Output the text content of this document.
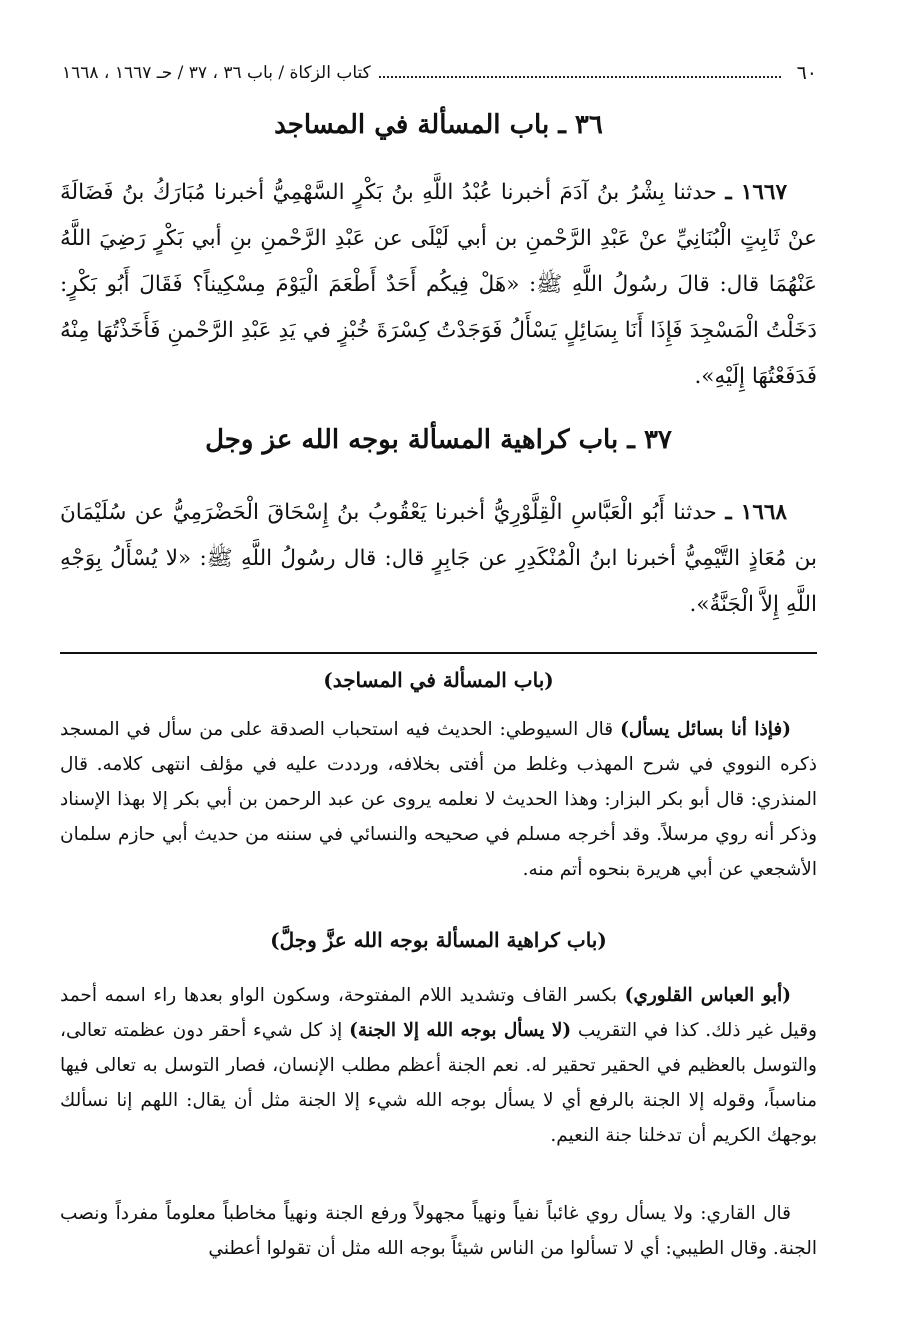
٦٠
كتاب الزكاة / باب ٣٦ ، ٣٧ / حـ ١٦٦٧ ، ١٦٦٨
٣٦ ـ باب المسألة في المساجد

١٦٦٧ ـ حدثنا بِشْرُ بنُ آدَمَ أخبرنا عُبْدُ اللَّهِ بنُ بَكْرٍ السَّهْمِيُّ أخبرنا مُبَارَكُ بنُ فَضَالَةَ عنْ ثَابِتٍ الْبُنَانِيِّ عنْ عَبْدِ الرَّحْمنِ بن أبي لَيْلَى عن عَبْدِ الرَّحْمنِ بنِ أبي بَكْرٍ رَضِيَ اللَّهُ عَنْهُمَا قال: قالَ رسُولُ اللَّهِ ﷺ: «هَلْ فِيكُم أَحَدٌ أَطْعَمَ الْيَوْمَ مِسْكِيناً؟ فَقَالَ أَبُو بَكْرٍ: دَخَلْتُ الْمَسْجِدَ فَإِذَا أَنَا بِسَائِلٍ يَسْأَلُ فَوَجَدْتُ كِسْرَةَ خُبْزٍ في يَدِ عَبْدِ الرَّحْمنِ فَأَخَذْتُهَا مِنْهُ فَدَفَعْتُهَا إِلَيْهِ».

٣٧ ـ باب كراهية المسألة بوجه الله عز وجل

١٦٦٨ ـ حدثنا أَبُو الْعَبَّاسِ الْقِلَّوْرِيُّ أخبرنا يَعْقُوبُ بنُ إِسْحَاقَ الْحَضْرَمِيُّ عن سُلَيْمَانَ بن مُعَاذٍ التَّيْمِيُّ أخبرنا ابنُ الْمُنْكَدِرِ عن جَابِرٍ قال: قال رسُولُ اللَّهِ ﷺ: «لا يُسْأَلُ بِوَجْهِ اللَّهِ إِلاَّ الْجَنَّةُ».

(باب المسألة في المساجد)

(فإذا أنا بسائل يسأل) قال السيوطي: الحديث فيه استحباب الصدقة على من سأل في المسجد ذكره النووي في شرح المهذب وغلط من أفتى بخلافه، ورددت عليه في مؤلف انتهى كلامه. قال المنذري: قال أبو بكر البزار: وهذا الحديث لا نعلمه يروى عن عبد الرحمن بن أبي بكر إلا بهذا الإسناد وذكر أنه روي مرسلاً. وقد أخرجه مسلم في صحيحه والنسائي في سننه من حديث أبي حازم سلمان الأشجعي عن أبي هريرة بنحوه أتم منه.

(باب كراهية المسألة بوجه الله عزَّ وجلَّ)

(أبو العباس القلوري) بكسر القاف وتشديد اللام المفتوحة، وسكون الواو بعدها راء اسمه أحمد وقيل غير ذلك. كذا في التقريب (لا يسأل بوجه الله إلا الجنة) إذ كل شيء أحقر دون عظمته تعالى، والتوسل بالعظيم في الحقير تحقير له. نعم الجنة أعظم مطلب الإنسان، فصار التوسل به تعالى فيها مناسباً، وقوله إلا الجنة بالرفع أي لا يسأل بوجه الله شيء إلا الجنة مثل أن يقال: اللهم إنا نسألك بوجهك الكريم أن تدخلنا جنة النعيم.

قال القاري: ولا يسأل روي غائباً نفياً ونهياً مجهولاً ورفع الجنة ونهياً مخاطباً معلوماً مفرداً ونصب الجنة. وقال الطيبي: أي لا تسألوا من الناس شيئاً بوجه الله مثل أن تقولوا أعطني
